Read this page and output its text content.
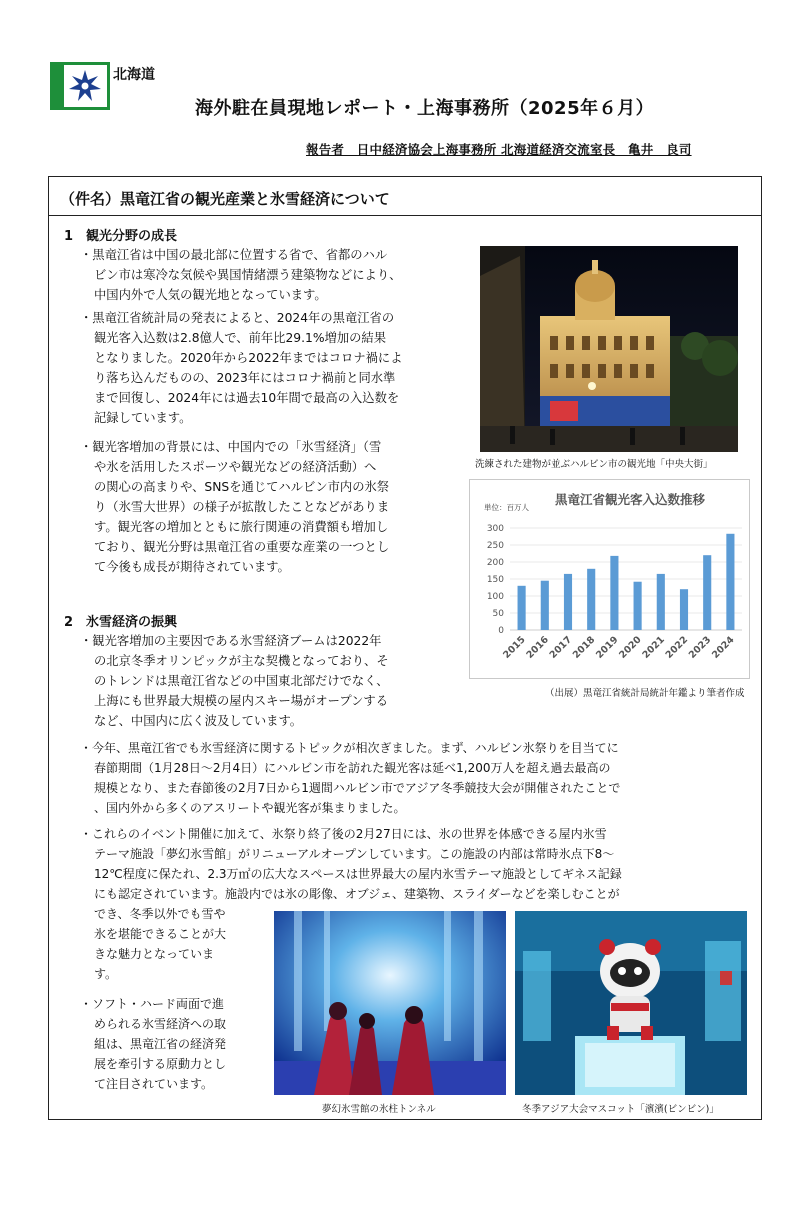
北海道
海外駐在員現地レポート・上海事務所（2025年６月）
報告者　日中経済協会上海事務所 北海道経済交流室長　亀井　良司
（件名）黒竜江省の観光産業と氷雪経済について
1　観光分野の成長
・黒竜江省は中国の最北部に位置する省で、省都のハル
ビン市は寒冷な気候や異国情緒漂う建築物などにより、
中国内外で人気の観光地となっています。
・黒竜江省統計局の発表によると、2024年の黒竜江省の
観光客入込数は2.8億人で、前年比29.1%増加の結果
となりました。2020年から2022年まではコロナ禍によ
り落ち込んだものの、2023年にはコロナ禍前と同水準
まで回復し、2024年には過去10年間で最高の入込数を
記録しています。
・観光客増加の背景には、中国内での「氷雪経済」（雪
や氷を活用したスポーツや観光などの経済活動）へ
の関心の高まりや、SNSを通じてハルビン市内の氷祭
り（氷雪大世界）の様子が拡散したことなどがありま
す。観光客の増加とともに旅行関連の消費額も増加し
ており、観光分野は黒竜江省の重要な産業の一つとし
て今後も成長が期待されています。
洗練された建物が並ぶハルビン市の観光地「中央大街」
単位：百万人
黒竜江省観光客入込数推移
300
250
200
150
100
50
0
2015
2016
2017
2018
2019
2020
2021
2022
2023
2024
（出展）黒竜江省統計局統計年鑑より筆者作成
2　氷雪経済の振興
・観光客増加の主要因である氷雪経済ブームは2022年
の北京冬季オリンピックが主な契機となっており、そ
のトレンドは黒竜江省などの中国東北部だけでなく、
上海にも世界最大規模の屋内スキー場がオープンする
など、中国内に広く波及しています。
・今年、黒竜江省でも氷雪経済に関するトピックが相次ぎました。まず、ハルビン氷祭りを目当てに
春節期間（1月28日〜2月4日）にハルビン市を訪れた観光客は延べ1,200万人を超え過去最高の
規模となり、また春節後の2月7日から1週間ハルビン市でアジア冬季競技大会が開催されたことで
、国内外から多くのアスリートや観光客が集まりました。
・これらのイベント開催に加えて、氷祭り終了後の2月27日には、氷の世界を体感できる屋内氷雪
テーマ施設「夢幻氷雪館」がリニューアルオープンしています。この施設の内部は常時氷点下8〜
12℃程度に保たれ、2.3万㎡の広大なスペースは世界最大の屋内氷雪テーマ施設としてギネス記録
にも認定されています。施設内では氷の彫像、オブジェ、建築物、スライダーなどを楽しむことが
でき、冬季以外でも雪や
氷を堪能できることが大
きな魅力となっていま
す。
・ソフト・ハード両面で進
められる氷雪経済への取
組は、黒竜江省の経済発
展を牽引する原動力とし
て注目されています。
夢幻氷雪館の氷柱トンネル	冬季アジア大会マスコット「濱濱(ビンビン)」
